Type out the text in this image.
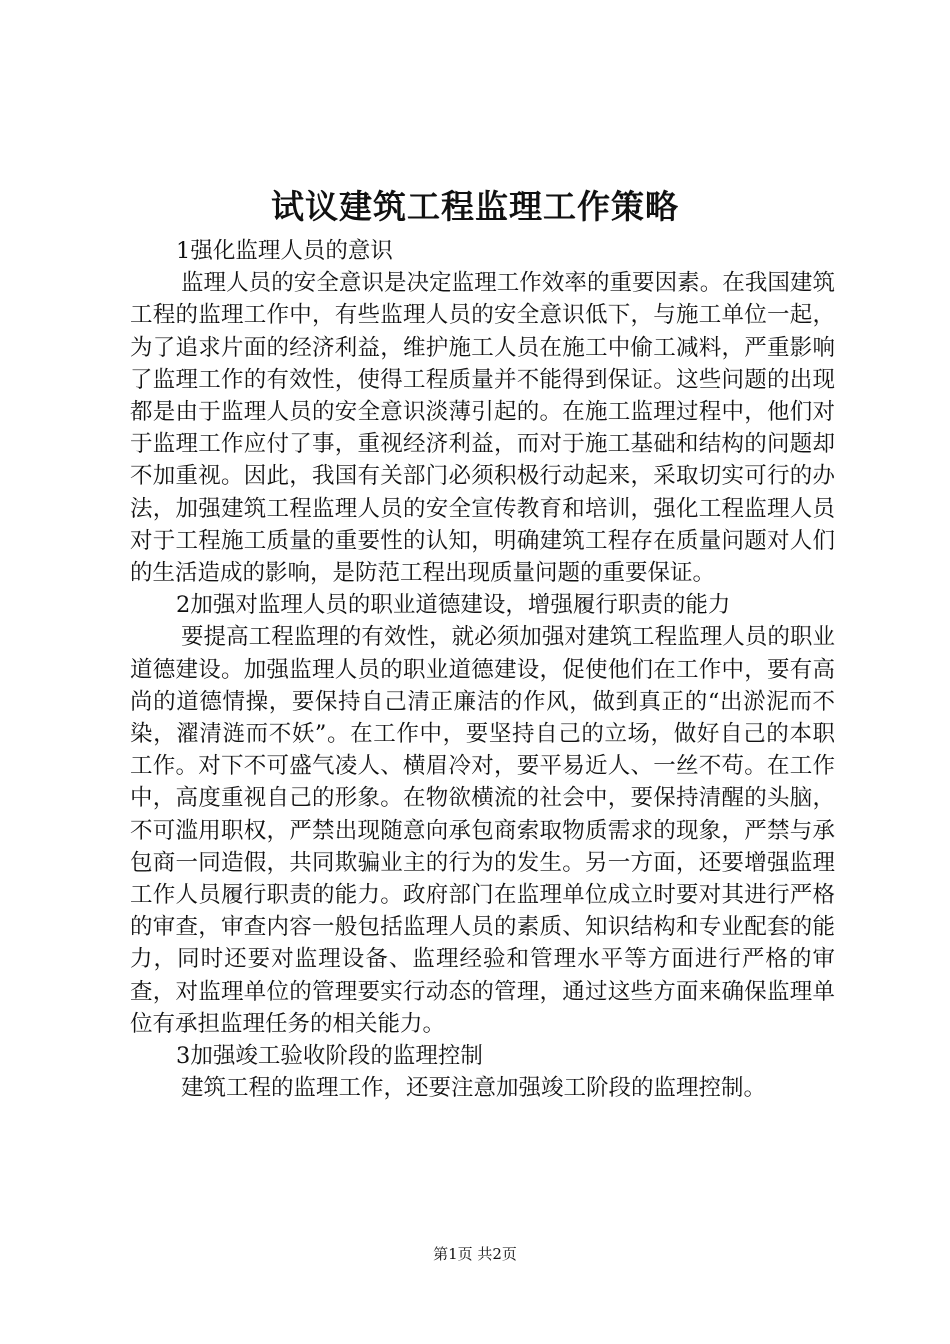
试议建筑工程监理工作策略

1强化监理人员的意识

监理人员的安全意识是决定监理工作效率的重要因素。在我国建筑工程的监理工作中，有些监理人员的安全意识低下，与施工单位一起，为了追求片面的经济利益，维护施工人员在施工中偷工减料，严重影响了监理工作的有效性，使得工程质量并不能得到保证。这些问题的出现都是由于监理人员的安全意识淡薄引起的。在施工监理过程中，他们对于监理工作应付了事，重视经济利益，而对于施工基础和结构的问题却不加重视。因此，我国有关部门必须积极行动起来，采取切实可行的办法，加强建筑工程监理人员的安全宣传教育和培训，强化工程监理人员对于工程施工质量的重要性的认知，明确建筑工程存在质量问题对人们的生活造成的影响，是防范工程出现质量问题的重要保证。

2加强对监理人员的职业道德建设，增强履行职责的能力

要提高工程监理的有效性，就必须加强对建筑工程监理人员的职业道德建设。加强监理人员的职业道德建设，促使他们在工作中，要有高尚的道德情操，要保持自己清正廉洁的作风，做到真正的“出淤泥而不染，濯清涟而不妖”。在工作中，要坚持自己的立场，做好自己的本职工作。对下不可盛气凌人、横眉冷对，要平易近人、一丝不苟。在工作中，高度重视自己的形象。在物欲横流的社会中，要保持清醒的头脑，不可滥用职权，严禁出现随意向承包商索取物质需求的现象，严禁与承包商一同造假，共同欺骗业主的行为的发生。另一方面，还要增强监理工作人员履行职责的能力。政府部门在监理单位成立时要对其进行严格的审查，审查内容一般包括监理人员的素质、知识结构和专业配套的能力，同时还要对监理设备、监理经验和管理水平等方面进行严格的审查，对监理单位的管理要实行动态的管理，通过这些方面来确保监理单位有承担监理任务的相关能力。

3加强竣工验收阶段的监理控制

建筑工程的监理工作，还要注意加强竣工阶段的监理控制。

第1页 共2页
